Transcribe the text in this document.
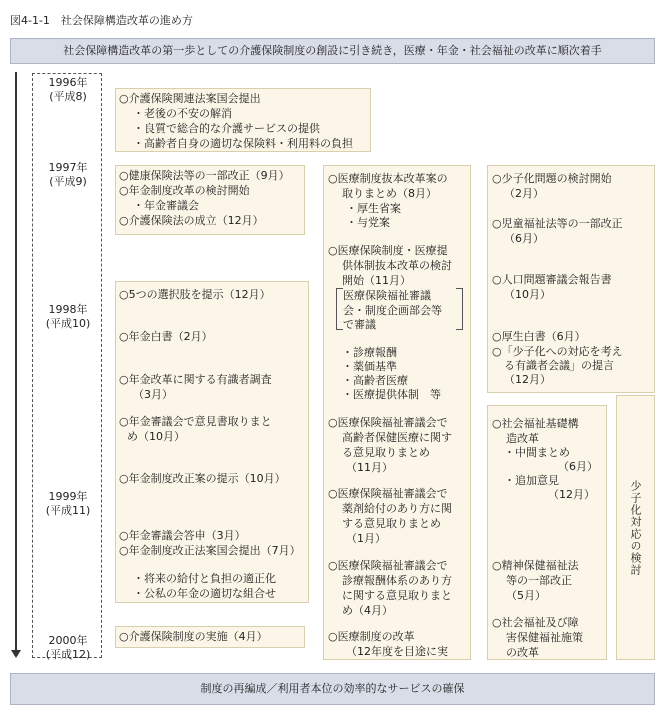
図4-1-1　社会保障構造改革の進め方
社会保障構造改革の第一歩としての介護保険制度の創設に引き続き，医療・年金・社会福祉の改革に順次着手
1996年
(平成8)
1997年
(平成9)
1998年
(平成10)
1999年
(平成11)
2000年
(平成12)
○介護保険関連法案国会提出
・老後の不安の解消
・良質で総合的な介護サービスの提供
・高齢者自身の適切な保険料・利用料の負担
○健康保険法等の一部改正（9月）
○年金制度改革の検討開始
・年金審議会
○介護保険法の成立（12月）
○5つの選択肢を提示（12月）
○年金白書（2月）
○年金改革に関する有識者調査
（3月）
○年金審議会で意見書取りまと
め（10月）
○年金制度改正案の提示（10月）
○年金審議会答申（3月）
○年金制度改正法案国会提出（7月）
・将来の給付と負担の適正化
・公私の年金の適切な組合せ
○介護保険制度の実施（4月）
○医療制度抜本改革案の
取りまとめ（8月）
・厚生省案
・与党案
○医療保険制度・医療提
供体制抜本改革の検討
開始（11月）
医療保険福祉審議
会・制度企画部会等
で審議
・診療報酬
・薬価基準
・高齢者医療
・医療提供体制　等
○医療保険福祉審議会で
高齢者保健医療に関す
る意見取りまとめ
（11月）
○医療保険福祉審議会で
薬剤給付のあり方に関
する意見取りまとめ
（1月）
○医療保険福祉審議会で
診療報酬体系のあり方
に関する意見取りまと
め（4月）
○医療制度の改革
（12年度を目途に実
○少子化問題の検討開始
（2月）
○児童福祉法等の一部改正
（6月）
○人口問題審議会報告書
（10月）
○厚生白書（6月）
○「少子化への対応を考え
る有識者会議」の提言
（12月）
○社会福祉基礎構
造改革
・中間まとめ
（6月）
・追加意見
（12月）
○精神保健福祉法
等の一部改正
（5月）
○社会福祉及び障
害保健福祉施策
の改革
少子化対応の検討
制度の再編成／利用者本位の効率的なサービスの確保
